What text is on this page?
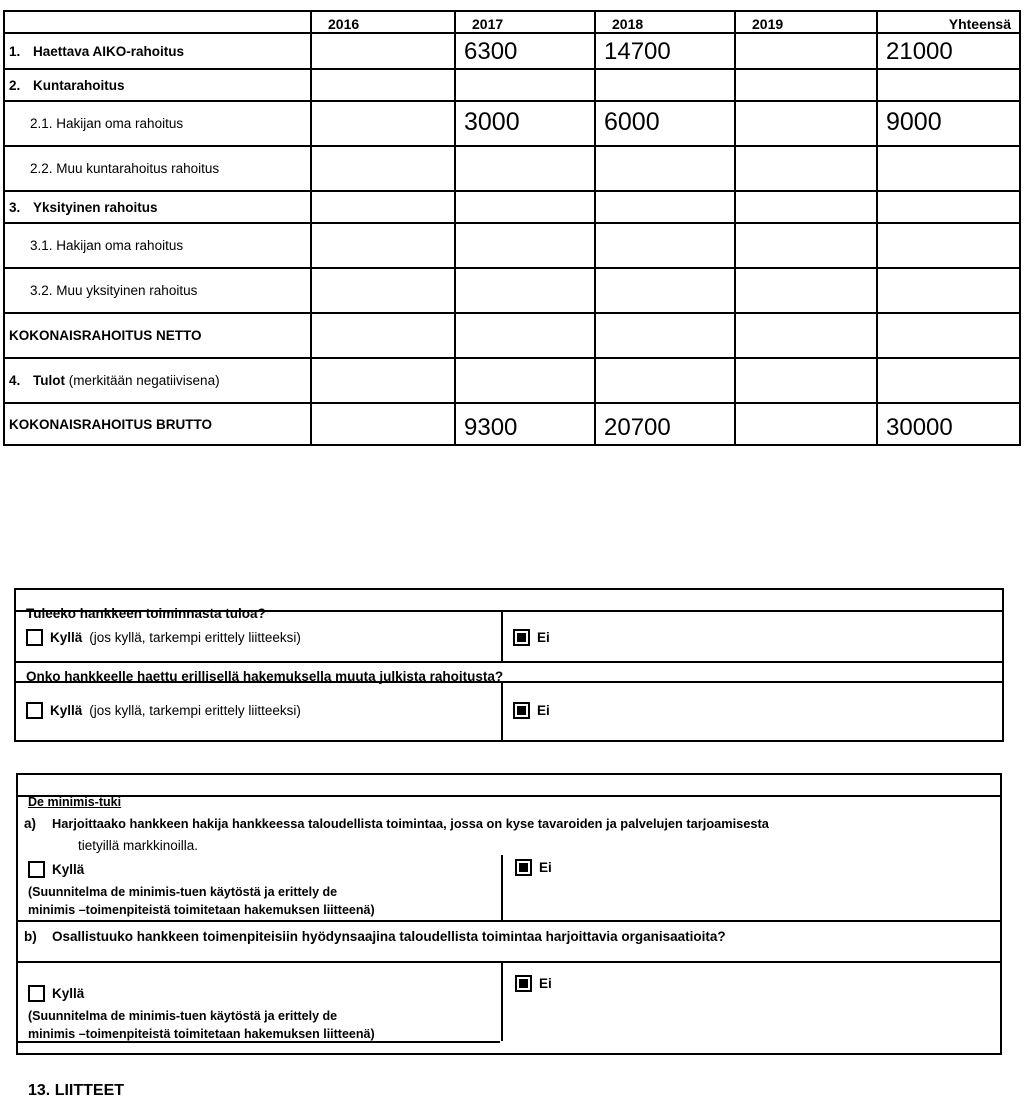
	2016	2017	2018	2019	Yhteensä
1. Haettava AIKO-rahoitus		6300	14700		21000
2. Kuntarahoitus					
2.1. Hakijan oma rahoitus		3000	6000		9000
2.2. Muu kuntarahoitus rahoitus					
3. Yksityinen rahoitus					
3.1. Hakijan oma rahoitus					
3.2. Muu yksityinen rahoitus					
KOKONAISRAHOITUS NETTO					
4. Tulot (merkitään negatiivisena)					
KOKONAISRAHOITUS BRUTTO		9300	20700		30000
Tuleeko hankkeen toiminnasta tuloa?
Kyllä (jos kyllä, tarkempi erittely liitteeksi)	Ei
Onko hankkeelle haettu erillisellä hakemuksella muuta julkista rahoitusta?
Kyllä (jos kyllä, tarkempi erittely liitteeksi)	Ei
De minimis-tuki
a) Harjoittaako hankkeen hakija hankkeessa taloudellista toimintaa, jossa on kyse tavaroiden ja palvelujen tarjoamisesta
tietyillä markkinoilla.
Kyllä
(Suunnitelma de minimis-tuen käytöstä ja erittely de
minimis –toimenpiteistä toimitetaan hakemuksen liitteenä)
Ei
b) Osallistuuko hankkeen toimenpiteisiin hyödynsaajina taloudellista toimintaa harjoittavia organisaatioita?
Kyllä
(Suunnitelma de minimis-tuen käytöstä ja erittely de
minimis –toimenpiteistä toimitetaan hakemuksen liitteenä)
Ei
13. LIITTEET
